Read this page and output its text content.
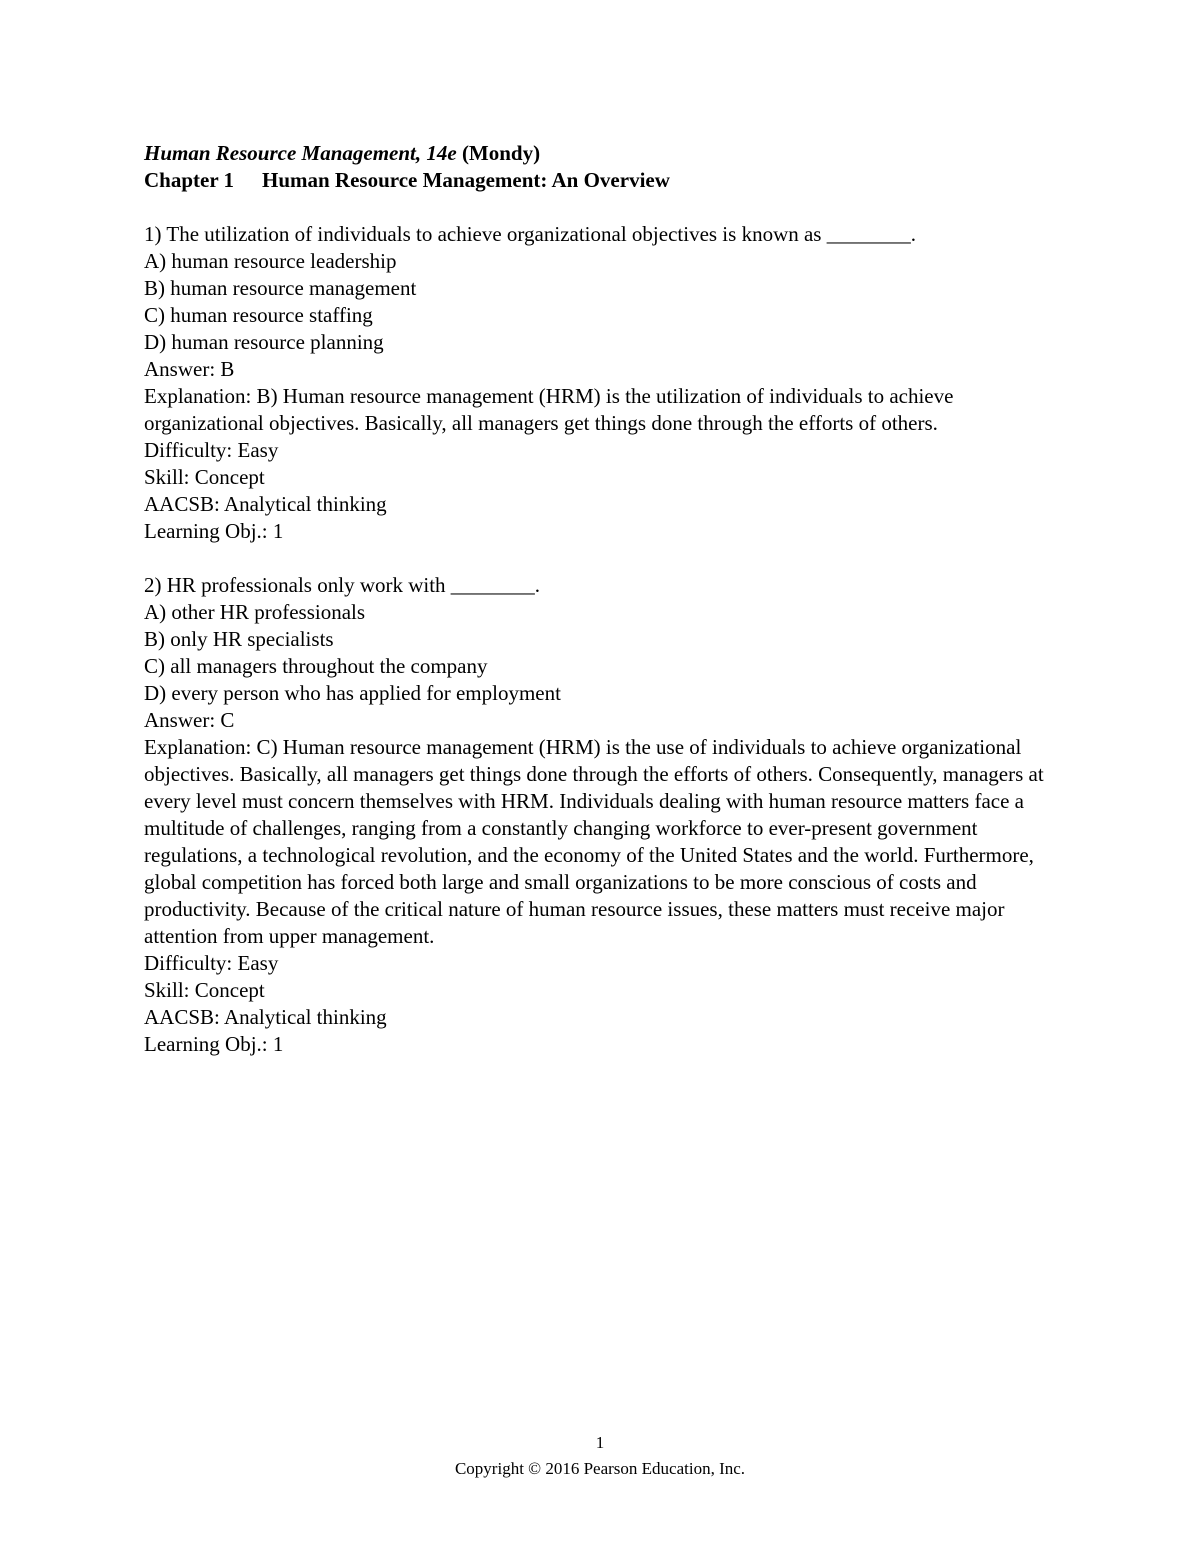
Human Resource Management, 14e (Mondy)
Chapter 1 Human Resource Management: An Overview
1) The utilization of individuals to achieve organizational objectives is known as ________.
A) human resource leadership
B) human resource management
C) human resource staffing
D) human resource planning
Answer: B
Explanation: B) Human resource management (HRM) is the utilization of individuals to achieve organizational objectives. Basically, all managers get things done through the efforts of others.
Difficulty: Easy
Skill: Concept
AACSB: Analytical thinking
Learning Obj.: 1
2) HR professionals only work with ________.
A) other HR professionals
B) only HR specialists
C) all managers throughout the company
D) every person who has applied for employment
Answer: C
Explanation: C) Human resource management (HRM) is the use of individuals to achieve organizational objectives. Basically, all managers get things done through the efforts of others. Consequently, managers at every level must concern themselves with HRM. Individuals dealing with human resource matters face a multitude of challenges, ranging from a constantly changing workforce to ever-present government regulations, a technological revolution, and the economy of the United States and the world. Furthermore, global competition has forced both large and small organizations to be more conscious of costs and productivity. Because of the critical nature of human resource issues, these matters must receive major attention from upper management.
Difficulty: Easy
Skill: Concept
AACSB: Analytical thinking
Learning Obj.: 1
1
Copyright © 2016 Pearson Education, Inc.
